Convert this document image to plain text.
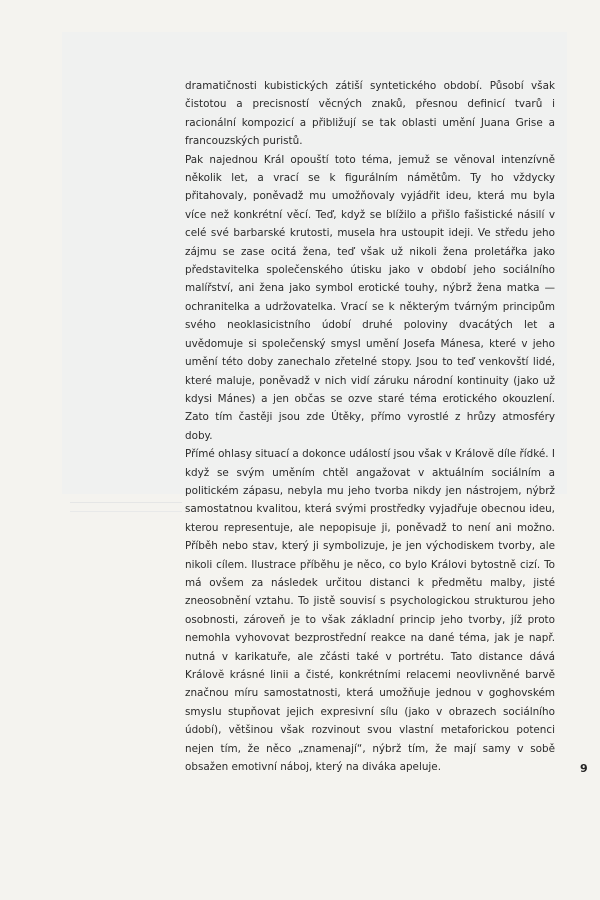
dramatičnosti kubistických zátiší syntetického období. Působí však čistotou a precisností věcných znaků, přesnou definicí tvarů i racionální kompozicí a přibližují se tak oblasti umění Juana Grise a francouzských puristů.

Pak najednou Král opouští toto téma, jemuž se věnoval intenzívně několik let, a vrací se k figurálním námětům. Ty ho vždycky přitahovaly, poněvadž mu umožňovaly vyjádřit ideu, která mu byla více než konkrétní věcí. Teď, když se blížilo a přišlo fašistické násilí v celé své barbarské krutosti, musela hra ustoupit ideji. Ve středu jeho zájmu se zase ocitá žena, teď však už nikoli žena proletářka jako představitelka společenského útisku jako v období jeho sociálního malířství, ani žena jako symbol erotické touhy, nýbrž žena matka — ochranitelka a udržovatelka. Vrací se k některým tvárným principům svého neoklasicistního údobí druhé poloviny dvacátých let a uvědomuje si společenský smysl umění Josefa Mánesa, které v jeho umění této doby zanechalo zřetelné stopy. Jsou to teď venkovští lidé, které maluje, poněvadž v nich vidí záruku národní kontinuity (jako už kdysi Mánes) a jen občas se ozve staré téma erotického okouzlení. Zato tím častěji jsou zde Útěky, přímo vyrostlé z hrůzy atmosféry doby.

Přímé ohlasy situací a dokonce událostí jsou však v Královĕ díle řídké. I když se svým uměním chtěl angažovat v aktuálním sociálním a politickém zápasu, nebyla mu jeho tvorba nikdy jen nástrojem, nýbrž samostatnou kvalitou, která svými prostředky vyjadřuje obecnou ideu, kterou representuje, ale nepopisuje ji, poněvadž to není ani možno. Příběh nebo stav, který ji symbolizuje, je jen východiskem tvorby, ale nikoli cílem. Ilustrace příběhu je něco, co bylo Královi bytostně cizí. To má ovšem za následek určitou distanci k předmětu malby, jisté zneosobnění vztahu. To jistě souvisí s psychologickou strukturou jeho osobnosti, zároveň je to však základní princip jeho tvorby, jíž proto nemohla vyhovovat bezprostřední reakce na dané téma, jak je např. nutná v karikatuře, ale zčásti také v portrétu. Tato distance dává Královĕ krásné linii a čisté, konkrétními relacemi neovlivněné barvě značnou míru samostatnosti, která umožňuje jednou v goghovském smyslu stupňovat jejich expresivní sílu (jako v obrazech sociálního údobí), většinou však rozvinout svou vlastní metaforickou potenci nejen tím, že něco „znamenají“, nýbrž tím, že mají samy v sobě obsažen emotivní náboj, který na diváka apeluje.	9
